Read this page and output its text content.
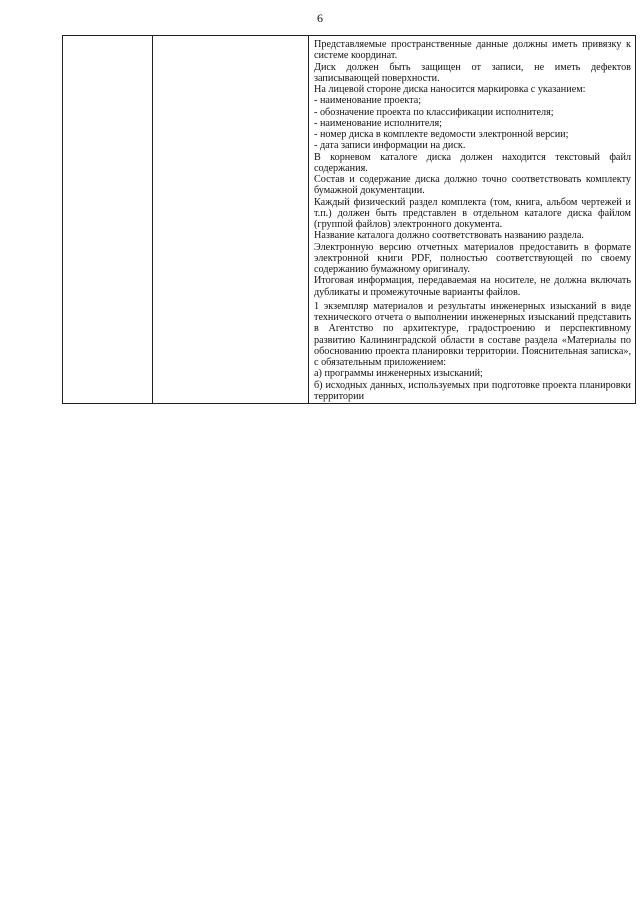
6

Представляемые пространственные данные должны иметь привязку к системе координат.

Диск должен быть защищен от записи, не иметь дефектов записывающей поверхности.

На лицевой стороне диска наносится маркировка с указанием:

- наименование проекта;

- обозначение проекта по классификации исполнителя;

- наименование исполнителя;

- номер диска в комплекте ведомости электронной версии;

- дата записи информации на диск.

В корневом каталоге диска должен находится текстовый файл содержания.

Состав и содержание диска должно точно соответствовать комплекту бумажной документации.

Каждый физический раздел комплекта (том, книга, альбом чертежей и т.п.) должен быть представлен в отдельном каталоге диска файлом (группой файлов) электронного документа.

Название каталога должно соответствовать названию раздела.

Электронную версию отчетных материалов предоставить в формате электронной книги PDF, полностью соответствующей по своему содержанию бумажному оригиналу.

Итоговая информация, передаваемая на носителе, не должна включать дубликаты и промежуточные варианты файлов.

1 экземпляр материалов и результаты инженерных изысканий в виде технического отчета о выполнении инженерных изысканий представить в Агентство по архитектуре, градостроению и перспективному развитию Калининградской области в составе раздела «Материалы по обоснованию проекта планировки территории. Пояснительная записка», с обязательным приложением:

а) программы инженерных изысканий;

б) исходных данных, используемых при подготовке проекта планировки территории
